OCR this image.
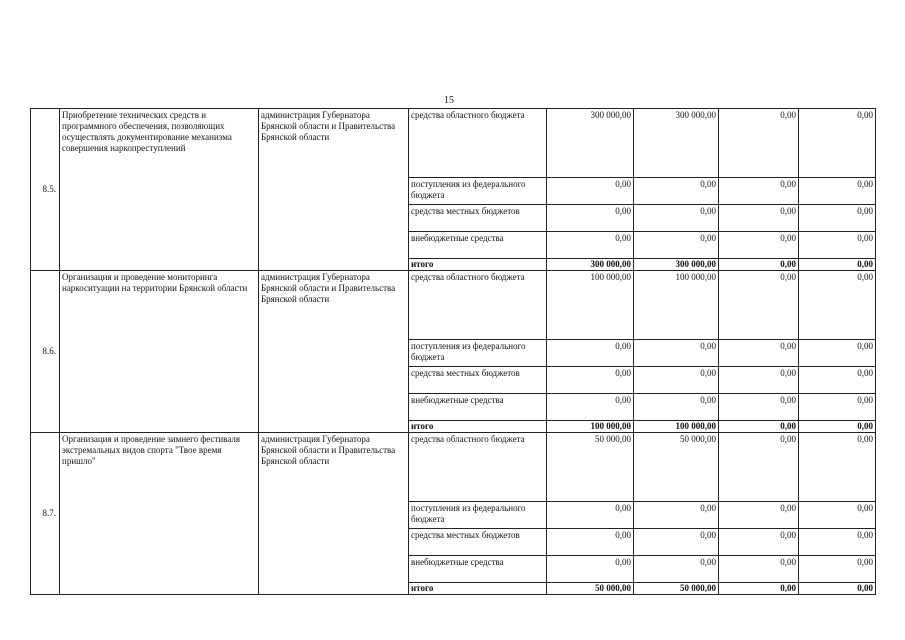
15
8.5.	Приобретение технических средств и программного обеспечения, позволяющих осуществлять документирование механизма совершения наркопреступлений	администрация Губернатора Брянской области и Правительства Брянской области	средства областного бюджета	300 000,00	300 000,00	0,00	0,00
			поступления из федерального бюджета	0,00	0,00	0,00	0,00
			средства местных бюджетов	0,00	0,00	0,00	0,00
			внебюджетные средства	0,00	0,00	0,00	0,00
			итого	300 000,00	300 000,00	0,00	0,00
8.6.	Организация и проведение мониторинга наркоситуации на территории Брянской области	администрация Губернатора Брянской области и Правительства Брянской области	средства областного бюджета	100 000,00	100 000,00	0,00	0,00
			поступления из федерального бюджета	0,00	0,00	0,00	0,00
			средства местных бюджетов	0,00	0,00	0,00	0,00
			внебюджетные средства	0,00	0,00	0,00	0,00
			итого	100 000,00	100 000,00	0,00	0,00
8.7.	Организация и проведение зимнего фестиваля экстремальных видов спорта "Твое время пришло"	администрация Губернатора Брянской области и Правительства Брянской области	средства областного бюджета	50 000,00	50 000,00	0,00	0,00
			поступления из федерального бюджета	0,00	0,00	0,00	0,00
			средства местных бюджетов	0,00	0,00	0,00	0,00
			внебюджетные средства	0,00	0,00	0,00	0,00
			итого	50 000,00	50 000,00	0,00	0,00
